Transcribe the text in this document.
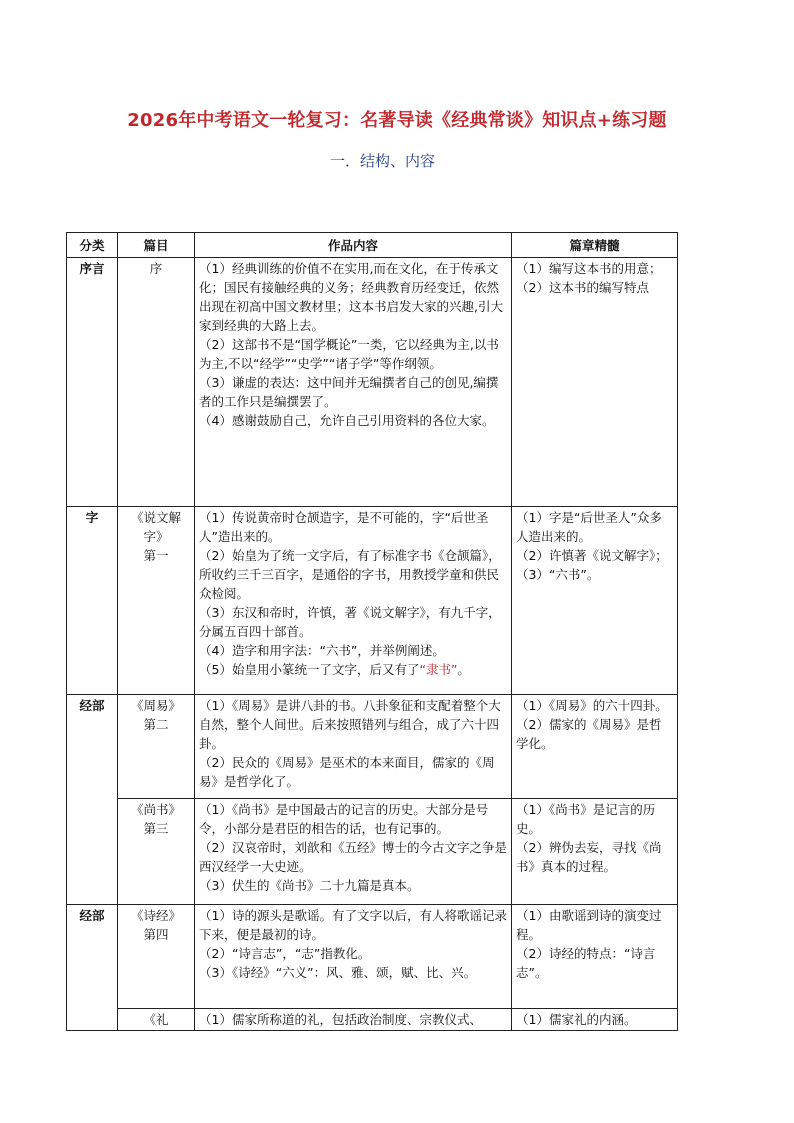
2026年中考语文一轮复习：名著导读《经典常谈》知识点+练习题
一．结构、内容
分类	篇目	作品内容	篇章精髓
序言	序	（1）经典训练的价值不在实用,而在文化，在于传承文化；国民有接触经典的义务；经典教育历经变迁，依然出现在初高中国文教材里；这本书启发大家的兴趣,引大家到经典的大路上去。
（2）这部书不是“国学概论”一类，它以经典为主,以书为主,不以“经学”“史学”“诸子学”等作纲领。
（3）谦虚的表达：这中间并无编撰者自己的创见,编撰者的工作只是编撰罢了。
（4）感谢鼓励自己，允许自己引用资料的各位大家。	（1）编写这本书的用意；
（2）这本书的编写特点

字	《说文解
字》
第一	（1）传说黄帝时仓颉造字，是不可能的，字“后世圣人”造出来的。
（2）始皇为了统一文字后，有了标准字书《仓颉篇》，所收约三千三百字，是通俗的字书，用教授学童和供民众检阅。
（3）东汉和帝时，许慎，著《说文解字》，有九千字，分属五百四十部首。
（4）造字和用字法：“六书”，并举例阐述。
（5）始皇用小篆统一了文字，后又有了“隶书”。	（1）字是“后世圣人”众多人造出来的。
（2）许慎著《说文解字》；
（3）“六书”。

经部	《周易》
第二	（1）《周易》是讲八卦的书。八卦象征和支配着整个大自然，整个人间世。后来按照错列与组合，成了六十四卦。
（2）民众的《周易》是巫术的本来面目，儒家的《周易》是哲学化了。	（1）《周易》的六十四卦。
（2）儒家的《周易》是哲学化。

	《尚书》
第三	（1）《尚书》是中国最古的记言的历史。大部分是号令，小部分是君臣的相告的话，也有记事的。
（2）汉哀帝时，刘歆和《五经》博士的今古文字之争是西汉经学一大史迹。
（3）伏生的《尚书》二十九篇是真本。	（1）《尚书》是记言的历史。
（2）辨伪去妄，寻找《尚书》真本的过程。

经部	《诗经》
第四	（1）诗的源头是歌谣。有了文字以后，有人将歌谣记录下来，便是最初的诗。
（2）“诗言志”，“志”指教化。
（3）《诗经》“六义”：风、雅、颂，赋、比、兴。	（1）由歌谣到诗的演变过程。
（2）诗经的特点：“诗言志”。

	《礼	（1）儒家所称道的礼，包括政治制度、宗教仪式、	（1）儒家礼的内涵。
